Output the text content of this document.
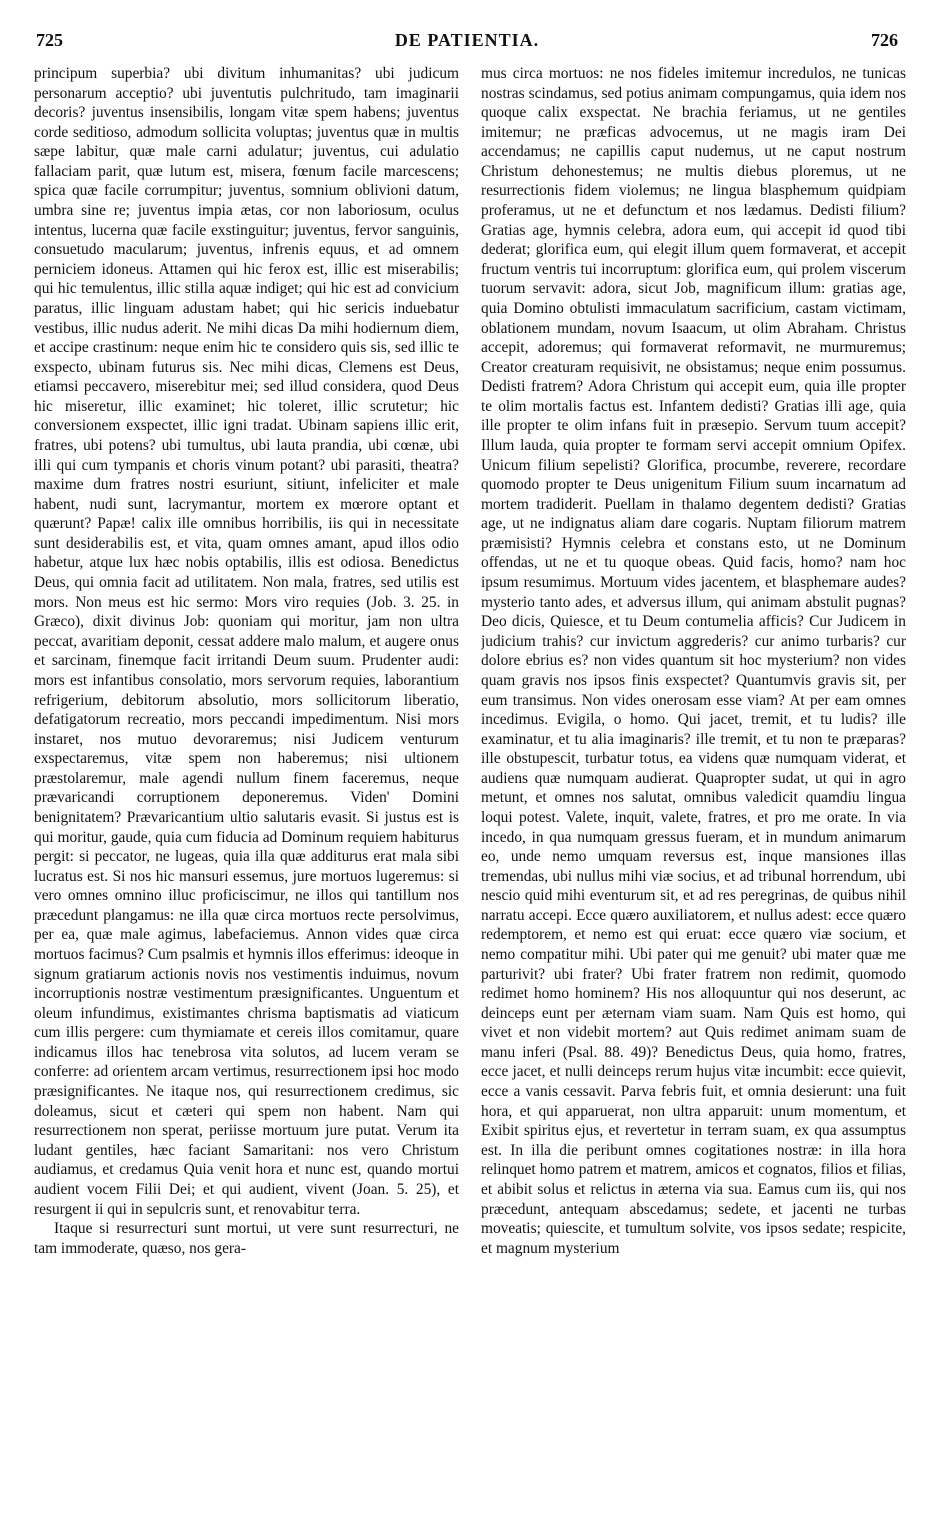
725	DE PATIENTIA.	726

principum superbia? ubi divitum inhumanitas? ubi judicum personarum acceptio? ubi juventutis pulchritudo, tam imaginarii decoris? juventus insensibilis, longam vitæ spem habens; juventus corde seditioso, admodum sollicita voluptas; juventus quæ in multis sæpe labitur, quæ male carni adulatur; juventus, cui adulatio fallaciam parit, quæ lutum est, misera, fœnum facile marcescens; spica quæ facile corrumpitur; juventus, somnium oblivioni datum, umbra sine re; juventus impia ætas, cor non laboriosum, oculus intentus, lucerna quæ facile exstinguitur; juventus, fervor sanguinis, consuetudo macularum; juventus, infrenis equus, et ad omnem perniciem idoneus. Attamen qui hic ferox est, illic est miserabilis; qui hic temulentus, illic stilla aquæ indiget; qui hic est ad convicium paratus, illic linguam adustam habet; qui hic sericis induebatur vestibus, illic nudus aderit. Ne mihi dicas Da mihi hodiernum diem, et accipe crastinum: neque enim hic te considero quis sis, sed illic te exspecto, ubinam futurus sis. Nec mihi dicas, Clemens est Deus, etiamsi peccavero, miserebitur mei; sed illud considera, quod Deus hic miseretur, illic examinet; hic toleret, illic scrutetur; hic conversionem exspectet, illic igni tradat. Ubinam sapiens illic erit, fratres, ubi potens? ubi tumultus, ubi lauta prandia, ubi cœnæ, ubi illi qui cum tympanis et choris vinum potant? ubi parasiti, theatra? maxime dum fratres nostri esuriunt, sitiunt, infeliciter et male habent, nudi sunt, lacrymantur, mortem ex mœrore optant et quærunt? Papæ! calix ille omnibus horribilis, iis qui in necessitate sunt desiderabilis est, et vita, quam omnes amant, apud illos odio habetur, atque lux hæc nobis optabilis, illis est odiosa. Benedictus Deus, qui omnia facit ad utilitatem. Non mala, fratres, sed utilis est mors. Non meus est hic sermo: Mors viro requies (Job. 3. 25. in Græco), dixit divinus Job: quoniam qui moritur, jam non ultra peccat, avaritiam deponit, cessat addere malo malum, et augere onus et sarcinam, finemque facit irritandi Deum suum. Prudenter audi: mors est infantibus consolatio, mors servorum requies, laborantium refrigerium, debitorum absolutio, mors sollicitorum liberatio, defatigatorum recreatio, mors peccandi impedimentum. Nisi mors instaret, nos mutuo devoraremus; nisi Judicem venturum exspectaremus, vitæ spem non haberemus; nisi ultionem præstolaremur, male agendi nullum finem faceremus, neque prævaricandi corruptionem deponeremus. Viden' Domini benignitatem? Prævaricantium ultio salutaris evasit. Si justus est is qui moritur, gaude, quia cum fiducia ad Dominum requiem habiturus pergit: si peccator, ne lugeas, quia illa quæ additurus erat mala sibi lucratus est. Si nos hic mansuri essemus, jure mortuos lugeremus: si vero omnes omnino illuc proficiscimur, ne illos qui tantillum nos præcedunt plangamus: ne illa quæ circa mortuos recte persolvimus, per ea, quæ male agimus, labefaciemus. Annon vides quæ circa mortuos facimus? Cum psalmis et hymnis illos efferimus: ideoque in signum gratiarum actionis novis nos vestimentis induimus, novum incorruptionis nostræ vestimentum præsignificantes. Unguentum et oleum infundimus, existimantes chrisma baptismatis ad viaticum cum illis pergere: cum thymiamate et cereis illos comitamur, quare indicamus illos hac tenebrosa vita solutos, ad lucem veram se conferre: ad orientem arcam vertimus, resurrectionem ipsi hoc modo præsignificantes. Ne itaque nos, qui resurrectionem credimus, sic doleamus, sicut et cæteri qui spem non habent. Nam qui resurrectionem non sperat, periisse mortuum jure putat. Verum ita ludant gentiles, hæc faciant Samaritani: nos vero Christum audiamus, et credamus Quia venit hora et nunc est, quando mortui audient vocem Filii Dei; et qui audient, vivent (Joan. 5. 25), et resurgent ii qui in sepulcris sunt, et renovabitur terra.

Itaque si resurrecturi sunt mortui, ut vere sunt resurrecturi, ne tam immoderate, quæso, nos gera-

mus circa mortuos: ne nos fideles imitemur incredulos, ne tunicas nostras scindamus, sed potius animam compungamus, quia idem nos quoque calix exspectat. Ne brachia feriamus, ut ne gentiles imitemur; ne præficas advocemus, ut ne magis iram Dei accendamus; ne capillis caput nudemus, ut ne caput nostrum Christum dehonestemus; ne multis diebus ploremus, ut ne resurrectionis fidem violemus; ne lingua blasphemum quidpiam proferamus, ut ne et defunctum et nos lædamus. Dedisti filium? Gratias age, hymnis celebra, adora eum, qui accepit id quod tibi dederat; glorifica eum, qui elegit illum quem formaverat, et accepit fructum ventris tui incorruptum: glorifica eum, qui prolem viscerum tuorum servavit: adora, sicut Job, magnificum illum: gratias age, quia Domino obtulisti immaculatum sacrificium, castam victimam, oblationem mundam, novum Isaacum, ut olim Abraham. Christus accepit, adoremus; qui formaverat reformavit, ne murmuremus; Creator creaturam requisivit, ne obsistamus; neque enim possumus. Dedisti fratrem? Adora Christum qui accepit eum, quia ille propter te olim mortalis factus est. Infantem dedisti? Gratias illi age, quia ille propter te olim infans fuit in præsepio. Servum tuum accepit? Illum lauda, quia propter te formam servi accepit omnium Opifex. Unicum filium sepelisti? Glorifica, procumbe, reverere, recordare quomodo propter te Deus unigenitum Filium suum incarnatum ad mortem tradiderit. Puellam in thalamo degentem dedisti? Gratias age, ut ne indignatus aliam dare cogaris. Nuptam filiorum matrem præmisisti? Hymnis celebra et constans esto, ut ne Dominum offendas, ut ne et tu quoque obeas. Quid facis, homo? nam hoc ipsum resumimus. Mortuum vides jacentem, et blasphemare audes? mysterio tanto ades, et adversus illum, qui animam abstulit pugnas? Deo dicis, Quiesce, et tu Deum contumelia afficis? Cur Judicem in judicium trahis? cur invictum aggrederis? cur animo turbaris? cur dolore ebrius es? non vides quantum sit hoc mysterium? non vides quam gravis nos ipsos finis exspectet? Quantumvis gravis sit, per eum transimus. Non vides onerosam esse viam? At per eam omnes incedimus. Evigila, o homo. Qui jacet, tremit, et tu ludis? ille examinatur, et tu alia imaginaris? ille tremit, et tu non te præparas? ille obstupescit, turbatur totus, ea videns quæ numquam viderat, et audiens quæ numquam audierat. Quapropter sudat, ut qui in agro metunt, et omnes nos salutat, omnibus valedicit quamdiu lingua loqui potest. Valete, inquit, valete, fratres, et pro me orate. In via incedo, in qua numquam gressus fueram, et in mundum animarum eo, unde nemo umquam reversus est, inque mansiones illas tremendas, ubi nullus mihi viæ socius, et ad tribunal horrendum, ubi nescio quid mihi eventurum sit, et ad res peregrinas, de quibus nihil narratu accepi. Ecce quæro auxiliatorem, et nullus adest: ecce quæro redemptorem, et nemo est qui eruat: ecce quæro viæ socium, et nemo compatitur mihi. Ubi pater qui me genuit? ubi mater quæ me parturivit? ubi frater? Ubi frater fratrem non redimit, quomodo redimet homo hominem? His nos alloquuntur qui nos deserunt, ac deinceps eunt per æternam viam suam. Nam Quis est homo, qui vivet et non videbit mortem? aut Quis redimet animam suam de manu inferi (Psal. 88. 49)? Benedictus Deus, quia homo, fratres, ecce jacet, et nulli deinceps rerum hujus vitæ incumbit: ecce quievit, ecce a vanis cessavit. Parva febris fuit, et omnia desierunt: una fuit hora, et qui apparuerat, non ultra apparuit: unum momentum, et Exibit spiritus ejus, et revertetur in terram suam, ex qua assumptus est. In illa die peribunt omnes cogitationes nostræ: in illa hora relinquet homo patrem et matrem, amicos et cognatos, filios et filias, et abibit solus et relictus in æterna via sua. Eamus cum iis, qui nos præcedunt, antequam abscedamus; sedete, et jacenti ne turbas moveatis; quiescite, et tumultum solvite, vos ipsos sedate; respicite, et magnum mysterium
